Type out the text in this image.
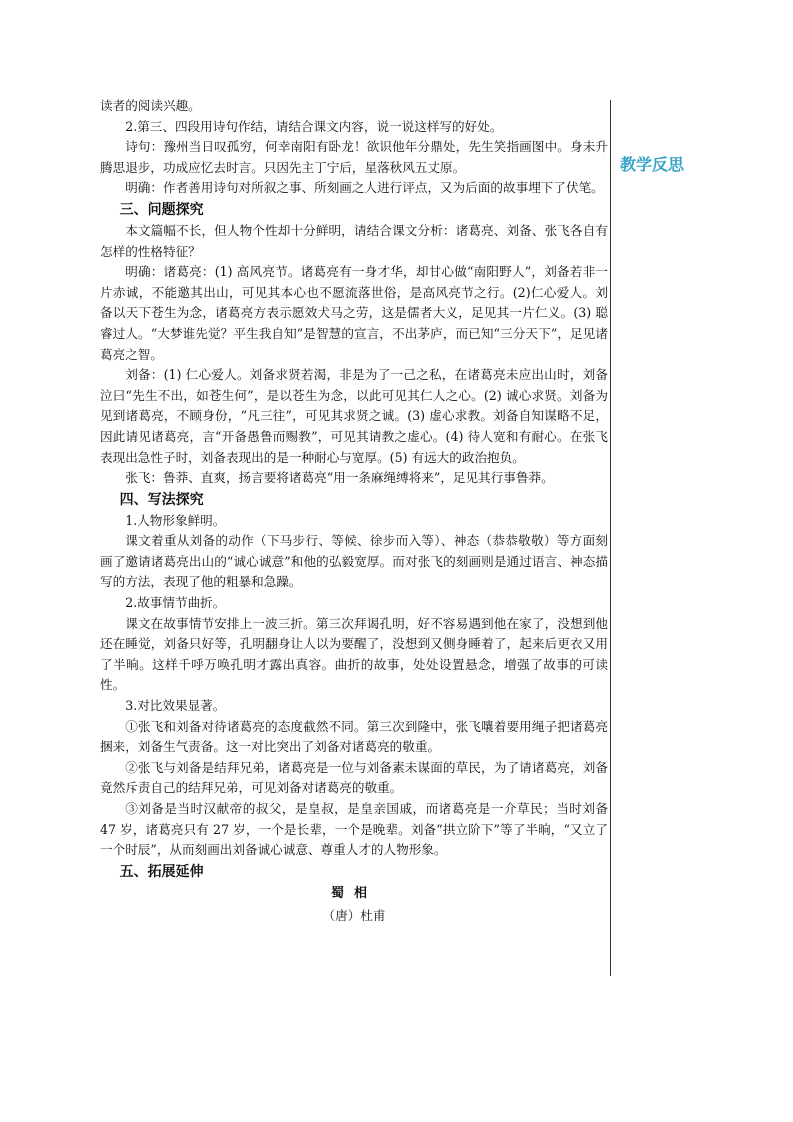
读者的阅读兴趣。

2.第三、四段用诗句作结，请结合课文内容，说一说这样写的好处。

诗句：豫州当日叹孤穷，何幸南阳有卧龙！欲识他年分鼎处，先生笑指画图中。身未升腾思退步，功成应忆去时言。只因先主丁宁后，星落秋风五丈原。

明确：作者善用诗句对所叙之事、所刻画之人进行评点，又为后面的故事埋下了伏笔。

三、问题探究

本文篇幅不长，但人物个性却十分鲜明，请结合课文分析：诸葛亮、刘备、张飞各自有怎样的性格特征？

明确：诸葛亮：(1) 高风亮节。诸葛亮有一身才华，却甘心做“南阳野人”，刘备若非一片赤诚，不能邀其出山，可见其本心也不愿流落世俗，是高风亮节之行。(2)仁心爱人。刘备以天下苍生为念，诸葛亮方表示愿效犬马之劳，这是儒者大义，足见其一片仁义。(3) 聪睿过人。“大梦谁先觉？平生我自知”是智慧的宣言，不出茅庐，而已知“三分天下”，足见诸葛亮之智。

刘备：(1) 仁心爱人。刘备求贤若渴，非是为了一己之私，在诸葛亮未应出山时，刘备泣曰“先生不出，如苍生何”，是以苍生为念，以此可见其仁人之心。(2) 诚心求贤。刘备为见到诸葛亮，不顾身份，“凡三往”，可见其求贤之诚。(3) 虚心求教。刘备自知谋略不足，因此请见诸葛亮，言“开备愚鲁而赐教”，可见其请教之虚心。(4) 待人宽和有耐心。在张飞表现出急性子时，刘备表现出的是一种耐心与宽厚。(5) 有远大的政治抱负。

张飞：鲁莽、直爽，扬言要将诸葛亮“用一条麻绳缚将来”，足见其行事鲁莽。

四、写法探究

1.人物形象鲜明。

课文着重从刘备的动作（下马步行、等候、徐步而入等）、神态（恭恭敬敬）等方面刻画了邀请诸葛亮出山的“诚心诚意”和他的弘毅宽厚。而对张飞的刻画则是通过语言、神态描写的方法，表现了他的粗暴和急躁。

2.故事情节曲折。

课文在故事情节安排上一波三折。第三次拜谒孔明，好不容易遇到他在家了，没想到他还在睡觉，刘备只好等，孔明翻身让人以为要醒了，没想到又侧身睡着了，起来后更衣又用了半晌。这样千呼万唤孔明才露出真容。曲折的故事，处处设置悬念，增强了故事的可读性。

3.对比效果显著。

①张飞和刘备对待诸葛亮的态度截然不同。第三次到隆中，张飞嚷着要用绳子把诸葛亮捆来，刘备生气责备。这一对比突出了刘备对诸葛亮的敬重。

②张飞与刘备是结拜兄弟，诸葛亮是一位与刘备素未谋面的草民，为了请诸葛亮，刘备竟然斥责自己的结拜兄弟，可见刘备对诸葛亮的敬重。

③刘备是当时汉献帝的叔父，是皇叔，是皇亲国戚，而诸葛亮是一介草民；当时刘备 47 岁，诸葛亮只有 27 岁，一个是长辈，一个是晚辈。刘备“拱立阶下”等了半晌，“又立了一个时辰”，从而刻画出刘备诚心诚意、尊重人才的人物形象。

五、拓展延伸

蜀相

（唐）杜甫

教学反思
